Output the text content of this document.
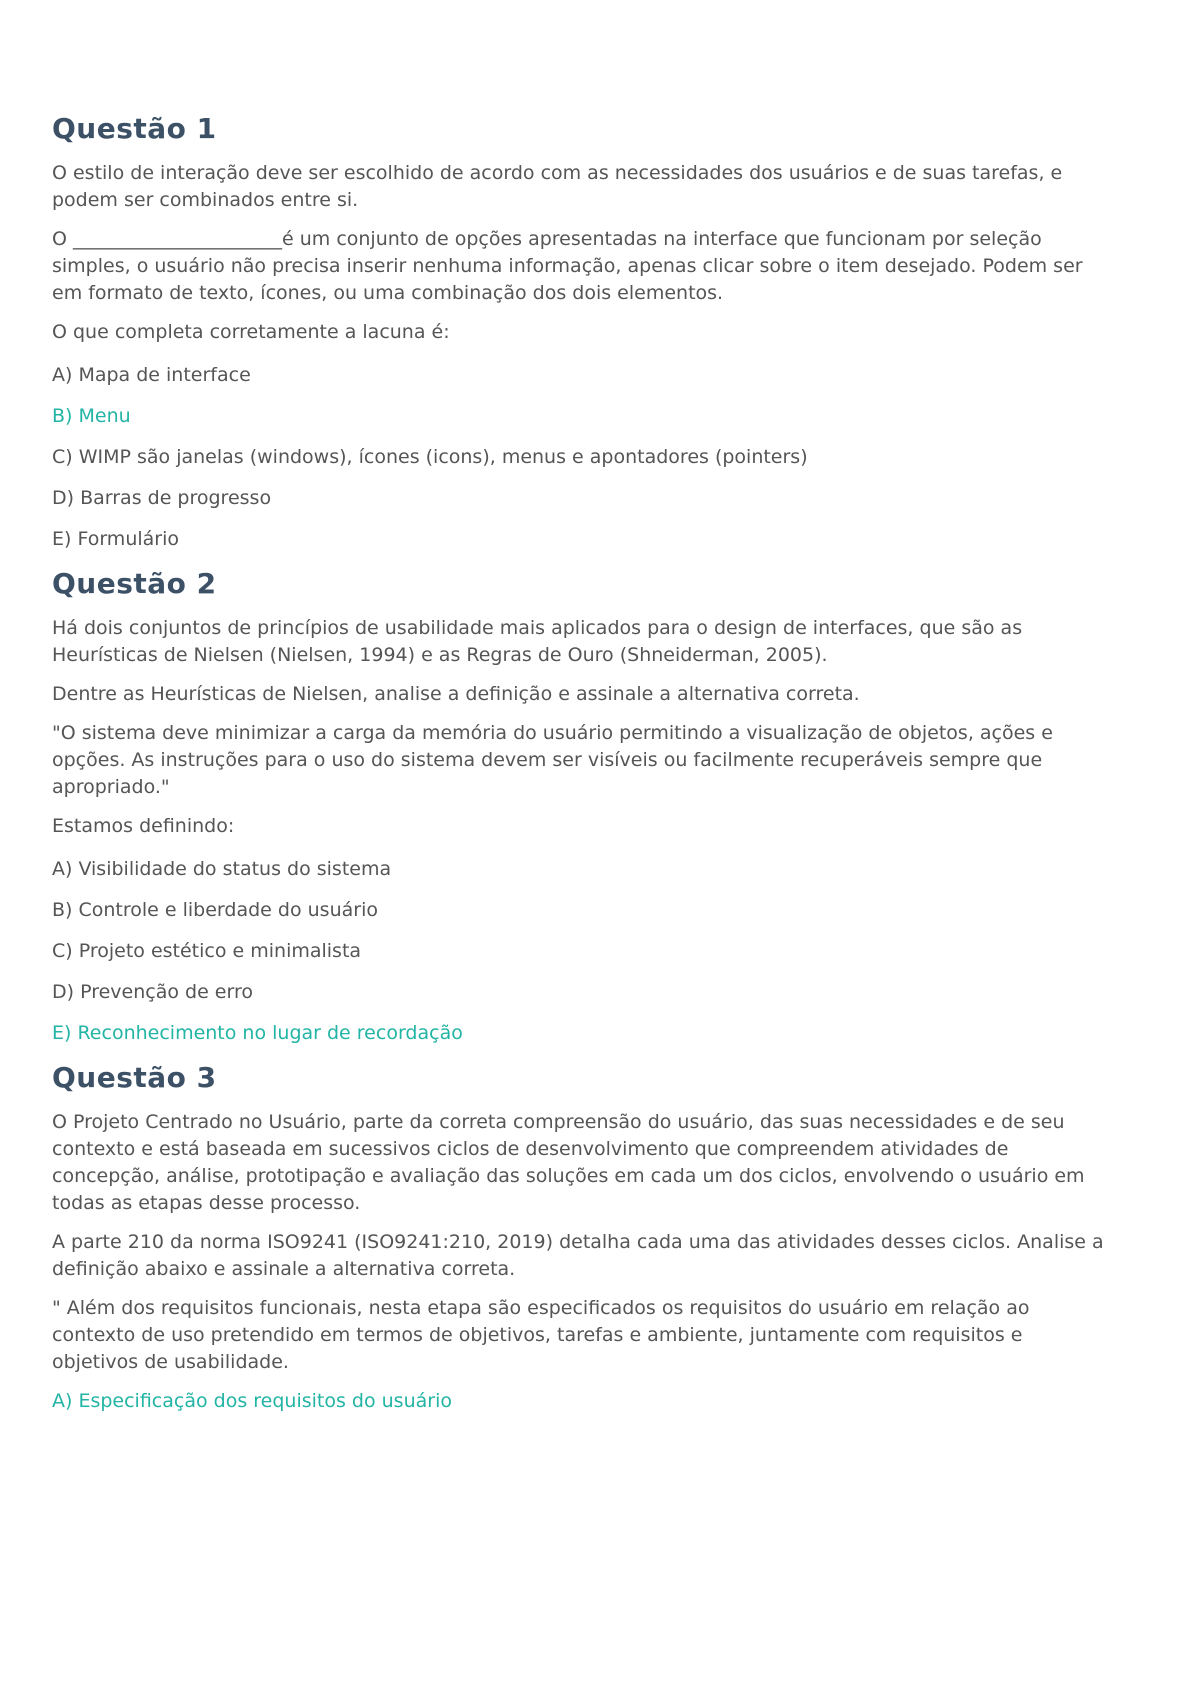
Questão 1

O estilo de interação deve ser escolhido de acordo com as necessidades dos usuários e de suas tarefas, e podem ser combinados entre si.

O ______________________é um conjunto de opções apresentadas na interface que funcionam por seleção simples, o usuário não precisa inserir nenhuma informação, apenas clicar sobre o item desejado. Podem ser em formato de texto, ícones, ou uma combinação dos dois elementos.

O que completa corretamente a lacuna é:

A) Mapa de interface
B) Menu
C) WIMP são janelas (windows), ícones (icons), menus e apontadores (pointers)
D) Barras de progresso
E) Formulário
Questão 2

Há dois conjuntos de princípios de usabilidade mais aplicados para o design de interfaces, que são as Heurísticas de Nielsen (Nielsen, 1994) e as Regras de Ouro (Shneiderman, 2005).

Dentre as Heurísticas de Nielsen, analise a definição e assinale a alternativa correta.

"O sistema deve minimizar a carga da memória do usuário permitindo a visualização de objetos, ações e opções. As instruções para o uso do sistema devem ser visíveis ou facilmente recuperáveis sempre que apropriado."

Estamos definindo:

A) Visibilidade do status do sistema
B) Controle e liberdade do usuário
C) Projeto estético e minimalista
D) Prevenção de erro
E) Reconhecimento no lugar de recordação
Questão 3

O Projeto Centrado no Usuário, parte da correta compreensão do usuário, das suas necessidades e de seu contexto e está baseada em sucessivos ciclos de desenvolvimento que compreendem atividades de concepção, análise, prototipação e avaliação das soluções em cada um dos ciclos, envolvendo o usuário em todas as etapas desse processo.

A parte 210 da norma ISO9241 (ISO9241:210, 2019) detalha cada uma das atividades desses ciclos. Analise a definição abaixo e assinale a alternativa correta.

" Além dos requisitos funcionais, nesta etapa são especificados os requisitos do usuário em relação ao contexto de uso pretendido em termos de objetivos, tarefas e ambiente, juntamente com requisitos e objetivos de usabilidade.

A) Especificação dos requisitos do usuário
